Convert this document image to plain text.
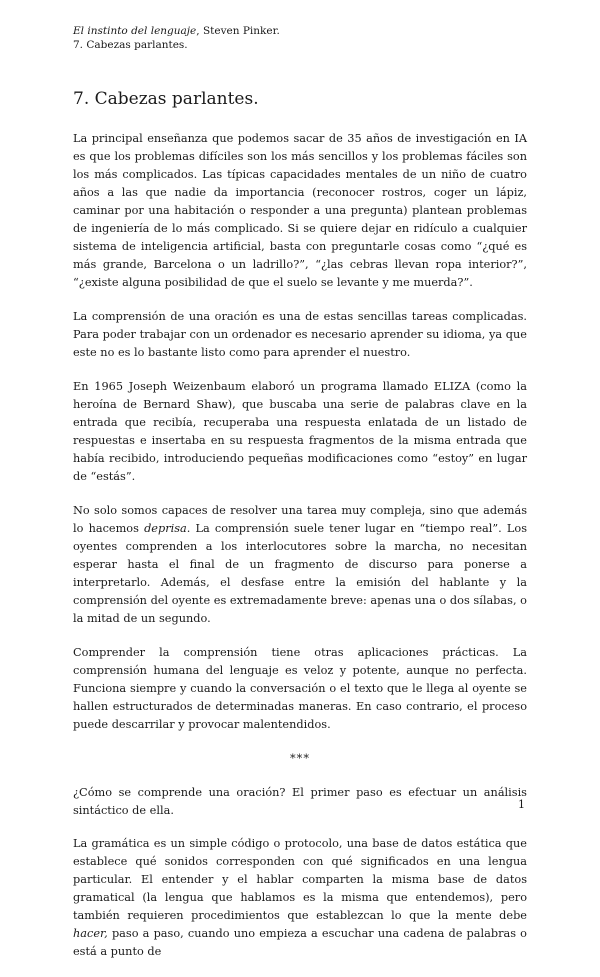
El instinto del lenguaje, Steven Pinker.
7. Cabezas parlantes.
7. Cabezas parlantes.

La principal enseñanza que podemos sacar de 35 años de investigación en IA es que los problemas difíciles son los más sencillos y los problemas fáciles son los más complicados. Las típicas capacidades mentales de un niño de cuatro años a las que nadie da importancia (reconocer rostros, coger un lápiz, caminar por una habitación o responder a una pregunta) plantean problemas de ingeniería de lo más complicado. Si se quiere dejar en ridículo a cualquier sistema de inteligencia artificial, basta con preguntarle cosas como “¿qué es más grande, Barcelona o un ladrillo?”, “¿las cebras llevan ropa interior?”, “¿existe alguna posibilidad de que el suelo se levante y me muerda?”.

La comprensión de una oración es una de estas sencillas tareas complicadas. Para poder trabajar con un ordenador es necesario aprender su idioma, ya que este no es lo bastante listo como para aprender el nuestro.

En 1965 Joseph Weizenbaum elaboró un programa llamado ELIZA (como la heroína de Bernard Shaw), que buscaba una serie de palabras clave en la entrada que recibía, recuperaba una respuesta enlatada de un listado de respuestas e insertaba en su respuesta fragmentos de la misma entrada que había recibido, introduciendo pequeñas modificaciones como “estoy” en lugar de “estás”.

No solo somos capaces de resolver una tarea muy compleja, sino que además lo hacemos deprisa. La comprensión suele tener lugar en “tiempo real”. Los oyentes comprenden a los interlocutores sobre la marcha, no necesitan esperar hasta el final de un fragmento de discurso para ponerse a interpretarlo. Además, el desfase entre la emisión del hablante y la comprensión del oyente es extremadamente breve: apenas una o dos sílabas, o la mitad de un segundo.

Comprender la comprensión tiene otras aplicaciones prácticas. La comprensión humana del lenguaje es veloz y potente, aunque no perfecta. Funciona siempre y cuando la conversación o el texto que le llega al oyente se hallen estructurados de determinadas maneras. En caso contrario, el proceso puede descarrilar y provocar malentendidos.

***

¿Cómo se comprende una oración? El primer paso es efectuar un análisis sintáctico de ella.

La gramática es un simple código o protocolo, una base de datos estática que establece qué sonidos corresponden con qué significados en una lengua particular. El entender y el hablar comparten la misma base de datos gramatical (la lengua que hablamos es la misma que entendemos), pero también requieren procedimientos que establezcan lo que la mente debe hacer, paso a paso, cuando uno empieza a escuchar una cadena de palabras o está a punto de

1
